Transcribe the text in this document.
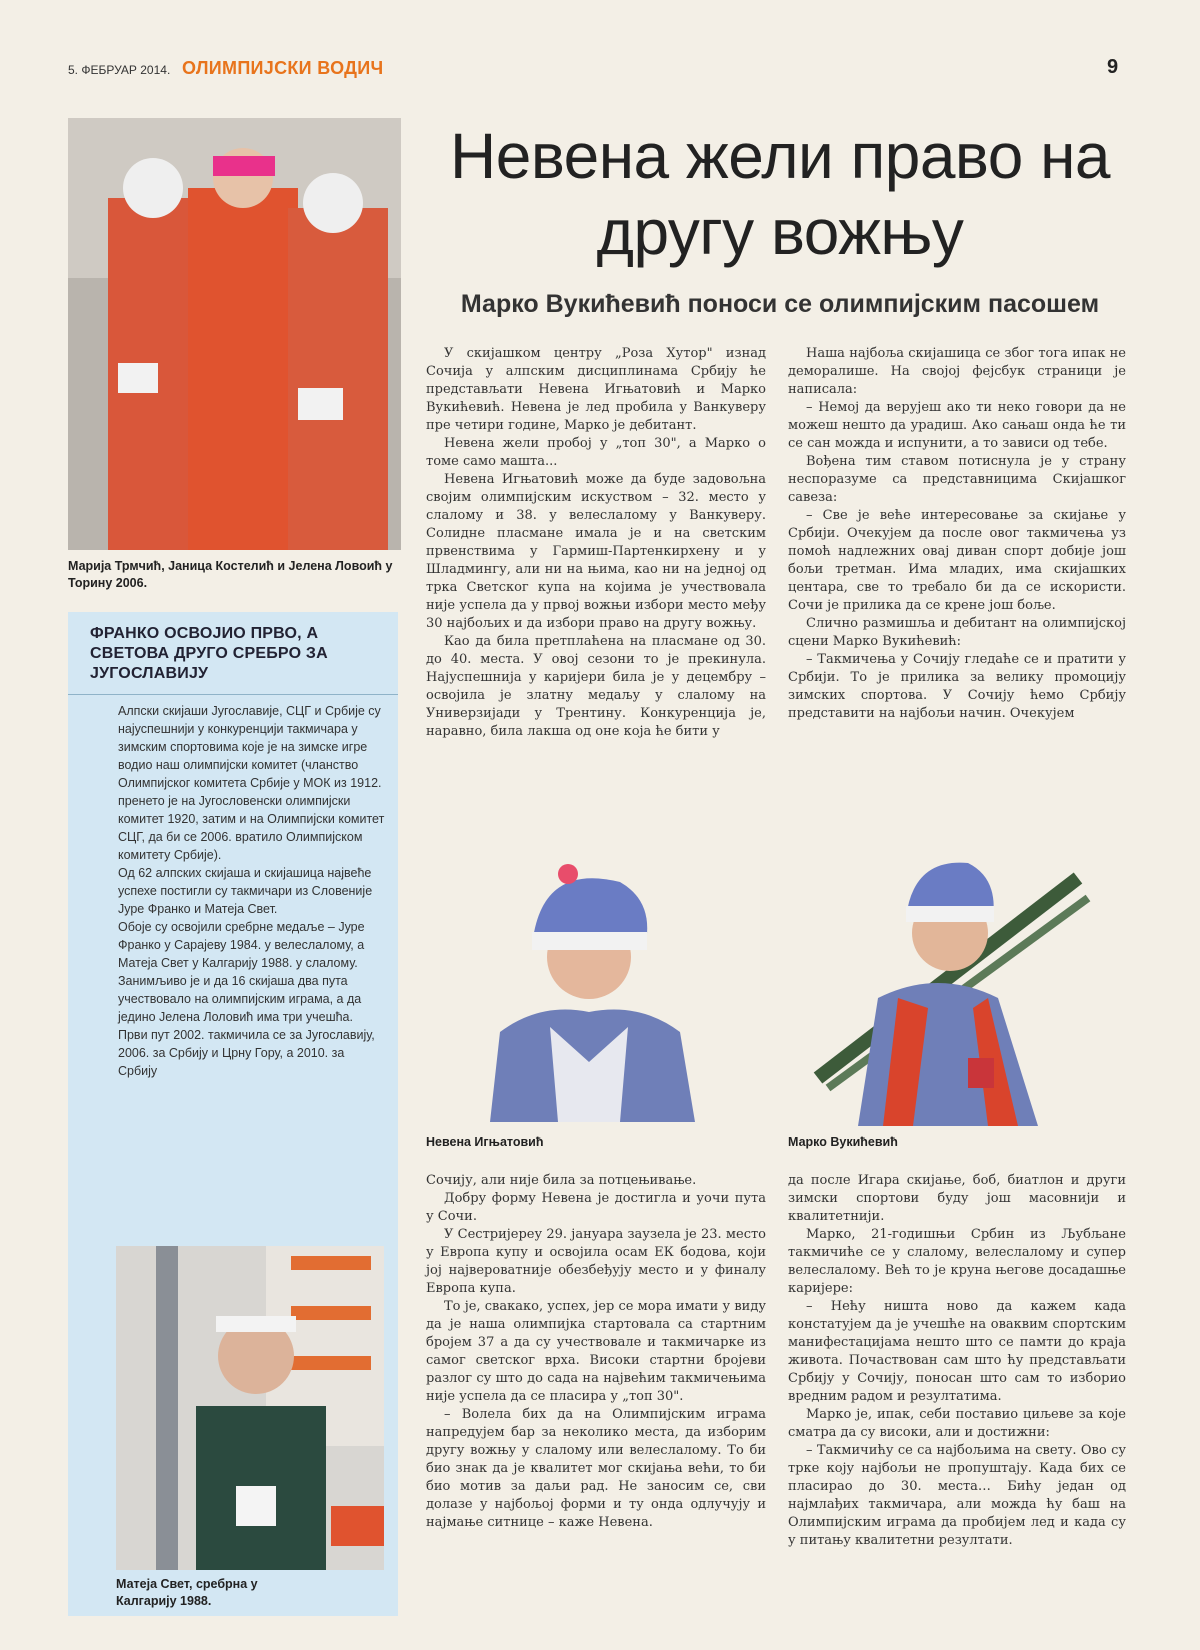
5. ФЕБРУАР 2014. ОЛИМПИЈСКИ ВОДИЧ	9
Марија Трмчић, Јаница Костелић и Јелена Ловоић у Торину 2006.
Невена жели право на другу вожњу
Марко Вукићевић поноси се олимпијским пасошем
ФРАНКО ОСВОЈИО ПРВО, А СВЕТОВА ДРУГО СРЕБРО ЗА ЈУГОСЛАВИЈУ

Алпски скијаши Југославије, СЦГ и Србије су најуспешнији у конкуренцији такмичара у зимским спортовима које је на зимске игре водио наш олимпијски комитет (чланство Олимпијског комитета Србије у МОК из 1912. пренето је на Југословенски олимпијски комитет 1920, затим и на Олимпијски комитет СЦГ, да би се 2006. вратило Олимпијском комитету Србије).

Од 62 алпских скијаша и скијашица највеће успехе постигли су такмичари из Словеније Јуре Франко и Матеја Свет.

Обоје су освојили сребрне медаље – Јуре Франко у Сарајеву 1984. у велеслалому, а Матеја Свет у Калгарију 1988. у слалому.

Занимљиво је и да 16 скијаша два пута учествовало на олимпијским играма, а да једино Јелена Лоловић има три учешћа.

Први пут 2002. такмичила се за Југославију, 2006. за Србију и Црну Гору, а 2010. за Србију

Матеја Свет, сребрна у Калгарију 1988.

У скијашком центру „Роза Хутор" изнад Сочија у алпским дисциплинама Србију ће представљати Невена Игњатовић и Марко Вукићевић. Невена је лед пробила у Ванкуверу пре четири године, Марко је дебитант.

Невена жели пробој у „топ 30", а Марко о томе само машта...

Невена Игњатовић може да буде задовољна својим олимпијским искуством – 32. место у слалому и 38. у велеслалому у Ванкуверу. Солидне пласмане имала је и на светским првенствима у Гармиш-Партенкирхену и у Шладмингу, али ни на њима, као ни на једној од трка Светског купа на којима је учествовала није успела да у првој вожњи избори место међу 30 најбољих и да избори право на другу вожњу.

Као да била претплаћена на пласмане од 30. до 40. места. У овој сезони то је прекинула. Најуспешнија у каријери била је у децембру – освојила је златну медаљу у слалому на Универзијади у Трентину. Конкуренција је, наравно, била лакша од оне која ће бити у

Наша најбоља скијашица се због тога ипак не деморалише. На својој фејсбук страници је написала:

– Немој да верујеш ако ти неко говори да не можеш нешто да урадиш. Ако сањаш онда ће ти се сан можда и испунити, а то зависи од тебе.

Вођена тим ставом потиснула је у страну неспоразуме са представницима Скијашког савеза:

– Све је веће интересовање за скијање у Србији. Очекујем да после овог такмичења уз помоћ надлежних овај диван спорт добије још бољи третман. Има младих, има скијашких центара, све то требало би да се искористи. Сочи је прилика да се крене још боље.

Слично размишља и дебитант на олимпијској сцени Марко Вукићевић:

– Такмичења у Сочију гледаће се и пратити у Србији. То је прилика за велику промоцију зимских спортова. У Сочију ћемо Србију представити на најбољи начин. Очекујем

Невена Игњатовић	Марко Вукићевић

Сочију, али није била за потцењивање.

Добру форму Невена је достигла и уочи пута у Сочи.

У Сестријереу 29. јануара заузела је 23. место у Европа купу и освојила осам ЕК бодова, који јој највероватније обезбеђују место и у финалу Европа купа.

То је, свакако, успех, јер се мора имати у виду да је наша олимпијка стартовала са стартним бројем 37 а да су учествовале и такмичарке из самог светског врха. Високи стартни бројеви разлог су што до сада на највећим такмичењима није успела да се пласира у „топ 30".

– Волела бих да на Олимпијским играма напредујем бар за неколико места, да изборим другу вожњу у слалому или велеслалому. То би био знак да је квалитет мог скијања већи, то би био мотив за даљи рад. Не заносим се, сви долазе у најбољој форми и ту онда одлучују и најмање ситнице – каже Невена.

да после Игара скијање, боб, биатлон и други зимски спортови буду још масовнији и квалитетнији.

Марко, 21-годишњи Србин из Љубљане такмичиће се у слалому, велеслалому и супер велеслалому. Већ то је круна његове досадашње каријере:

– Нећу ништа ново да кажем када констатујем да је учешће на оваквим спортским манифестацијама нешто што се памти до краја живота. Почаствован сам што ћу представљати Србију у Сочију, поносан што сам то изборио вредним радом и резултатима.

Марко је, ипак, себи поставио циљеве за које сматра да су високи, али и достижни:

– Такмичићу се са најбољима на свету. Ово су трке коју најбољи не пропуштају. Када бих се пласирао до 30. места… Бићу један од најмлађих такмичара, али можда ћу баш на Олимпијским играма да пробијем лед и када су у питању квалитетни резултати.
